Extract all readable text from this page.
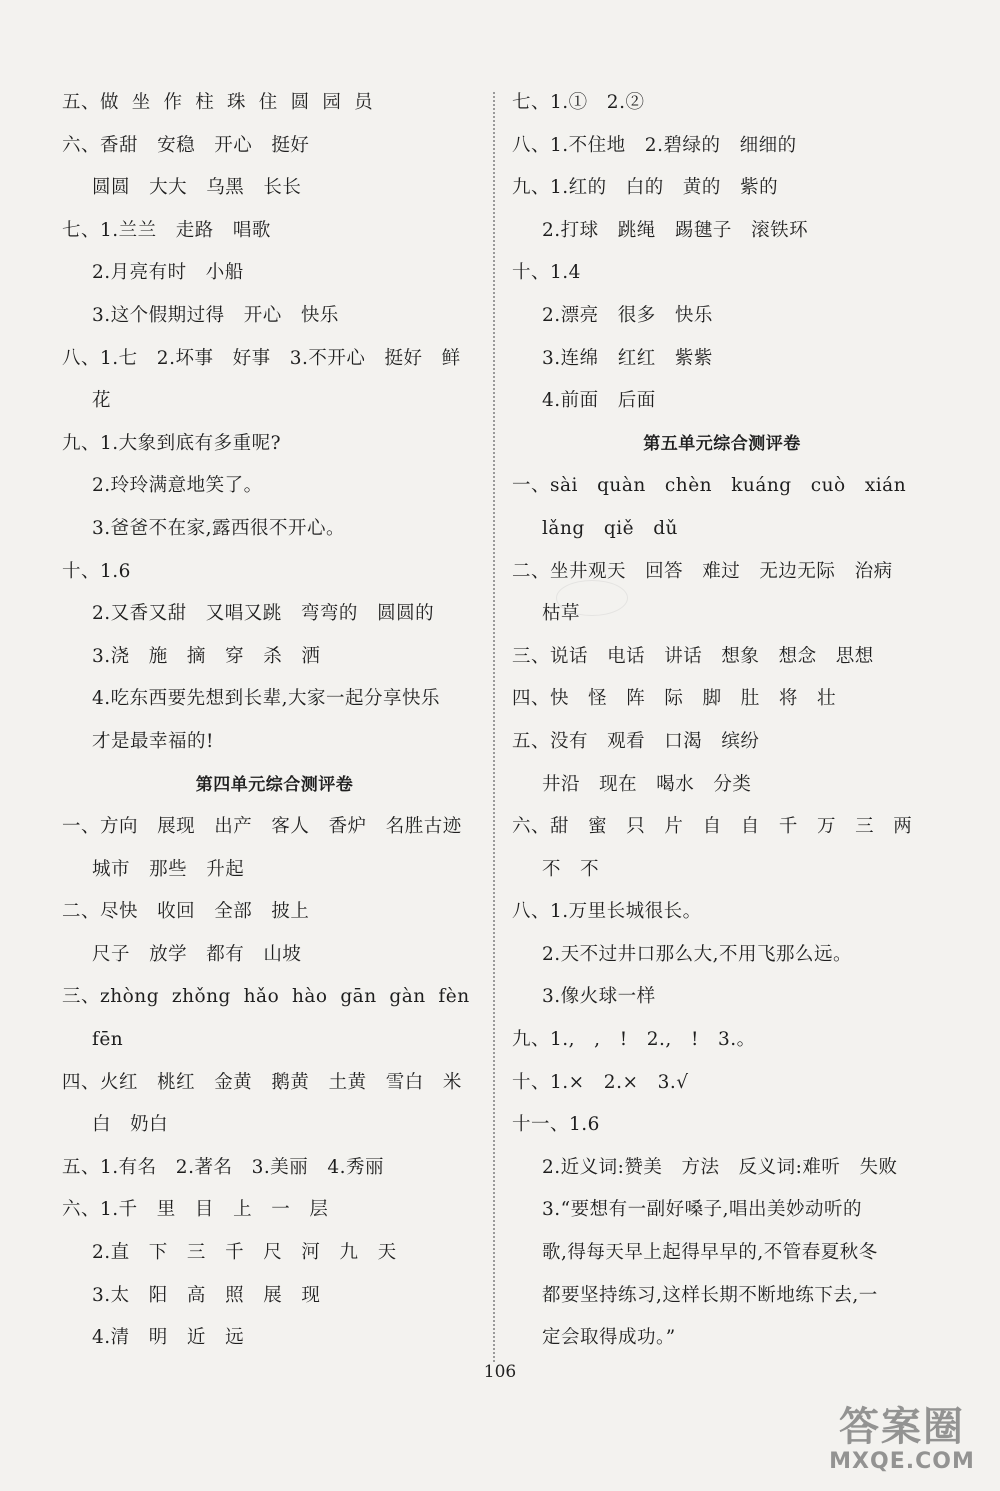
五、做  坐  作  柱  珠  住  圆  园  员
六、香甜   安稳   开心   挺好
圆圆   大大   乌黑   长长
七、1.兰兰   走路   唱歌
2.月亮有时   小船
3.这个假期过得   开心   快乐
八、1.七   2.坏事   好事   3.不开心   挺好   鲜
花
九、1.大象到底有多重呢?
2.玲玲满意地笑了。
3.爸爸不在家,露西很不开心。
十、1.6
2.又香又甜   又唱又跳   弯弯的   圆圆的
3.浇   施   摘   穿   杀   洒
4.吃东西要先想到长辈,大家一起分享快乐
才是最幸福的!
第四单元综合测评卷
一、方向   展现   出产   客人   香炉   名胜古迹
城市   那些   升起
二、尽快   收回   全部   披上
尺子   放学   都有   山坡
三、zhòng  zhǒng  hǎo  hào  gān  gàn  fèn
fēn
四、火红   桃红   金黄   鹅黄   土黄   雪白   米
白   奶白
五、1.有名   2.著名   3.美丽   4.秀丽
六、1.千   里   目   上   一   层
2.直   下   三   千   尺   河   九   天
3.太   阳   高   照   展   现
4.清   明   近   远
七、1.①   2.②
八、1.不住地   2.碧绿的   细细的
九、1.红的   白的   黄的   紫的
2.打球   跳绳   踢毽子   滚铁环
十、1.4
2.漂亮   很多   快乐
3.连绵   红红   紫紫
4.前面   后面
第五单元综合测评卷
一、sài   quàn   chèn   kuáng   cuò   xián
lǎng   qiě   dǔ
二、坐井观天   回答   难过   无边无际   治病
枯草
三、说话   电话   讲话   想象   想念   思想
四、快   怪   阵   际   脚   肚   将   壮
五、没有   观看   口渴   缤纷
井沿   现在   喝水   分类
六、甜   蜜   只   片   自   自   千   万   三   两
不   不
八、1.万里长城很长。
2.天不过井口那么大,不用飞那么远。
3.像火球一样
九、1.,   ,   !   2.,   !   3.。
十、1.×   2.×   3.√
十一、1.6
2.近义词:赞美   方法   反义词:难听   失败
3.“要想有一副好嗓子,唱出美妙动听的
歌,得每天早上起得早早的,不管春夏秋冬
都要坚持练习,这样长期不断地练下去,一
定会取得成功。”
106
答案圈
MXQE.COM
